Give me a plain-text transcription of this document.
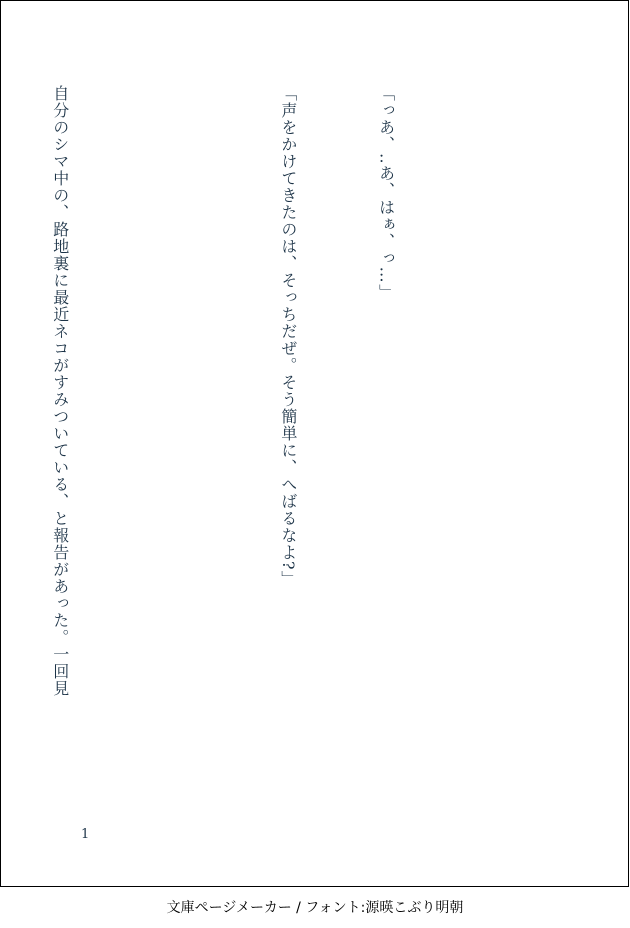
「っあ、‥あ、はぁ、っ…」

「声をかけてきたのは、そっちだぜ。そう簡単に、へばるなよ?」

自分のシマ中の、路地裏に最近ネコがすみついている、と報告があった。一回見

1
文庫ページメーカー / フォント:源暎こぶり明朝
